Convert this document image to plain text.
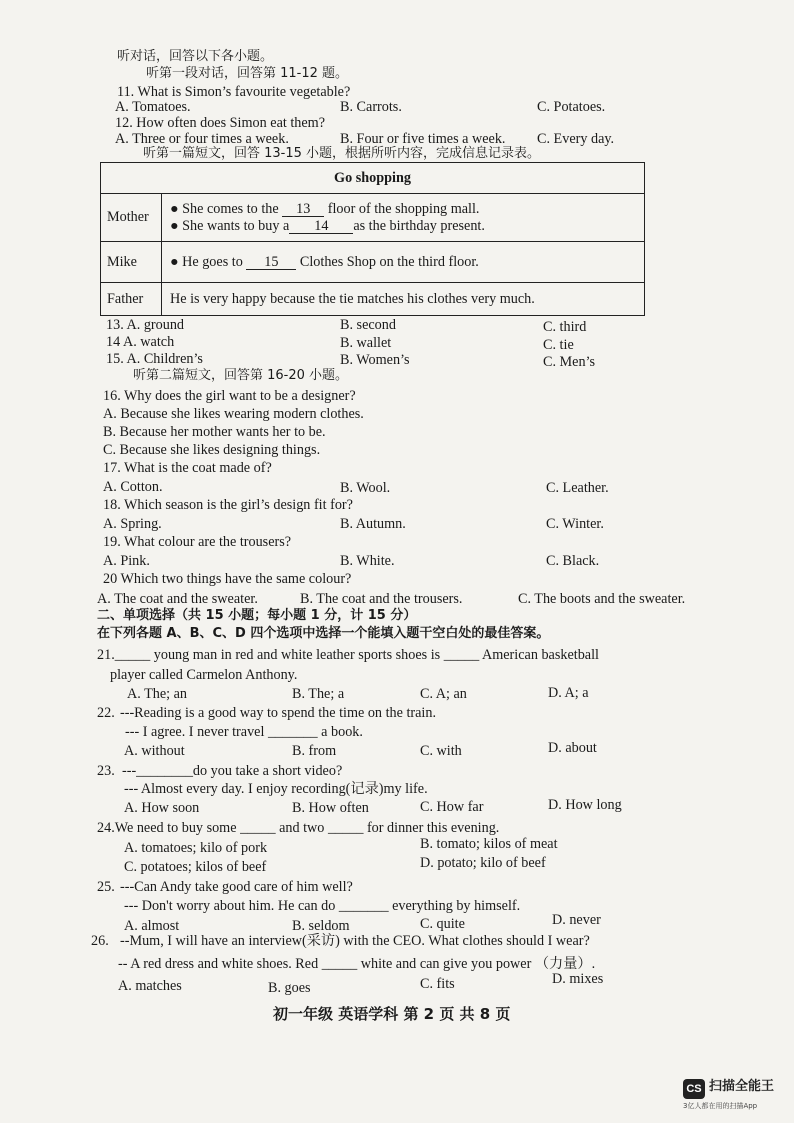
听对话，回答以下各小题。
听第一段对话，回答第 11-12 题。
11. What is Simon’s favourite vegetable?
A. Tomatoes.	B. Carrots.	C. Potatoes.
12. How often does Simon eat them?
A. Three or four times a week.	B. Four or five times a week. C. Every day.
听第一篇短文，回答 13-15 小题，根据所听内容，完成信息记录表。
Go shopping	
Mother	● She comes to the 13 floor of the shopping mall.
● She wants to buy a 14 as the birthday present.

Mike	● He goes to 15 Clothes Shop on the third floor.
Father	He is very happy because the tie matches his clothes very much.
13. A. ground	B. second	C. third
14 A. watch	B. wallet	C. tie
15. A. Children’s	B. Women’s	C. Men’s
听第二篇短文，回答第 16-20 小题。
16. Why does the girl want to be a designer?
A. Because she likes wearing modern clothes.
B. Because her mother wants her to be.
C. Because she likes designing things.
17. What is the coat made of?
A. Cotton.	B. Wool.	C. Leather.
18. Which season is the girl’s design fit for?
A. Spring.	B. Autumn.	C. Winter.
19. What colour are the trousers?
A. Pink.	B. White.	C. Black.
20 Which two things have the same colour?
A. The coat and the sweater.	B. The coat and the trousers.	C. The boots and the sweater.
二、单项选择（共 15 小题；每小题 1 分，计 15 分）
在下列各题 A、B、C、D 四个选项中选择一个能填入题干空白处的最佳答案。
21._____ young man in red and white leather sports shoes is _____ American basketball
player called Carmelon Anthony.
A. The; an	B. The; a	C. A; an	D. A; a
22. ---Reading is a good way to spend the time on the train.
--- I agree. I never travel _______ a book.
A. without	B. from	C. with	D. about
23. ---________do you take a short video?
--- Almost every day. I enjoy recording(记录)my life.
A. How soon	B. How often	C. How far	D. How long
24.We need to buy some _____ and two _____ for dinner this evening.
A. tomatoes; kilo of pork	B. tomato; kilos of meat
C. potatoes; kilos of beef	D. potato; kilo of beef
25. ---Can Andy take good care of him well?
--- Don't worry about him. He can do _______ everything by himself.
A. almost	B. seldom	C. quite	D. never
26. --Mum, I will have an interview(采访) with the CEO. What clothes should I wear?
-- A red dress and white shoes. Red _____ white and can give you power （力量）.
A. matches	B. goes	C. fits	D. mixes
初一年级 英语学科 第 2 页 共 8 页
CS 扫描全能王
3亿人都在用的扫描App
